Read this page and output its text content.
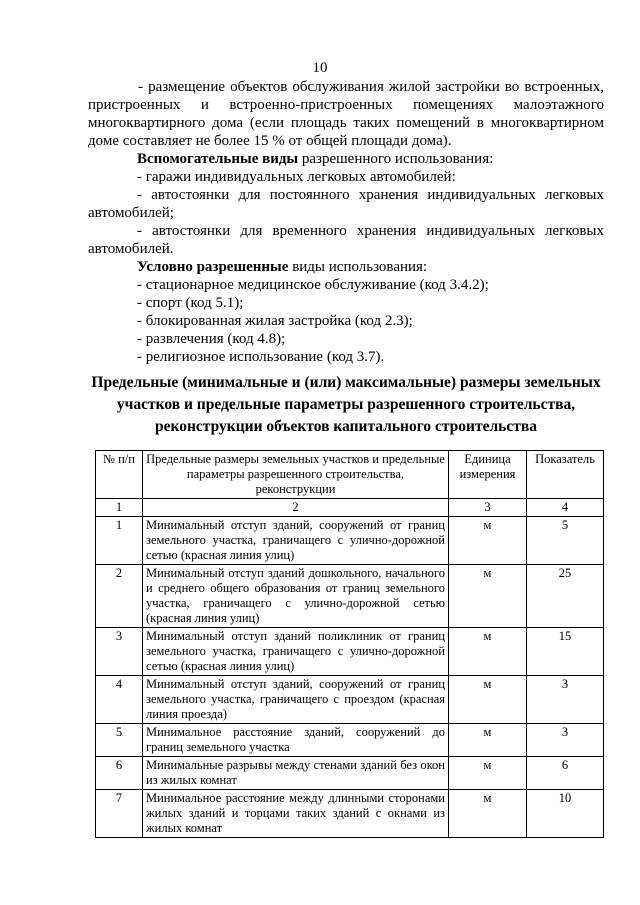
10
- размещение объектов обслуживания жилой застройки во встроенных,
пристроенных и встроенно-пристроенных помещениях малоэтажного
многоквартирного дома (если площадь таких помещений в многоквартирном
доме составляет не более 15 % от общей площади дома).
Вспомогательные виды разрешенного использования:
- гаражи индивидуальных легковых автомобилей:
- автостоянки для постоянного хранения индивидуальных легковых
автомобилей;
- автостоянки для временного хранения индивидуальных легковых
автомобилей.
Условно разрешенные виды использования:
- стационарное медицинское обслуживание (код 3.4.2);
- спорт (код 5.1);
- блокированная жилая застройка (код 2.3);
- развлечения (код 4.8);
- религиозное использование (код 3.7).
Предельные (минимальные и (или) максимальные) размеры земельных
участков и предельные параметры разрешенного строительства,
реконструкции объектов капитального строительства
№ п/п	Предельные размеры земельных участков и предельные параметры разрешенного строительства, реконструкции	Единица измерения	Показатель
1	2	3	4
1	Минимальный отступ зданий, сооружений от границ земельного участка, граничащего с улично-дорожной сетью (красная линия улиц)	м	5
2	Минимальный отступ зданий дошкольного, начального и среднего общего образования от границ земельного участка, граничащего с улично-дорожной сетью (красная линия улиц)	м	25
3	Минимальный отступ зданий поликлиник от границ земельного участка, граничащего с улично-дорожной сетью (красная линия улиц)	м	15
4	Минимальный отступ зданий, сооружений от границ земельного участка, граничащего с проездом (красная линия проезда)	м	3
5	Минимальное расстояние зданий, сооружений до границ земельного участка	м	3
6	Минимальные разрывы между стенами зданий без окон из жилых комнат	м	6
7	Минимальное расстояние между длинными сторонами жилых зданий и торцами таких зданий с окнами из жилых комнат	м	10
